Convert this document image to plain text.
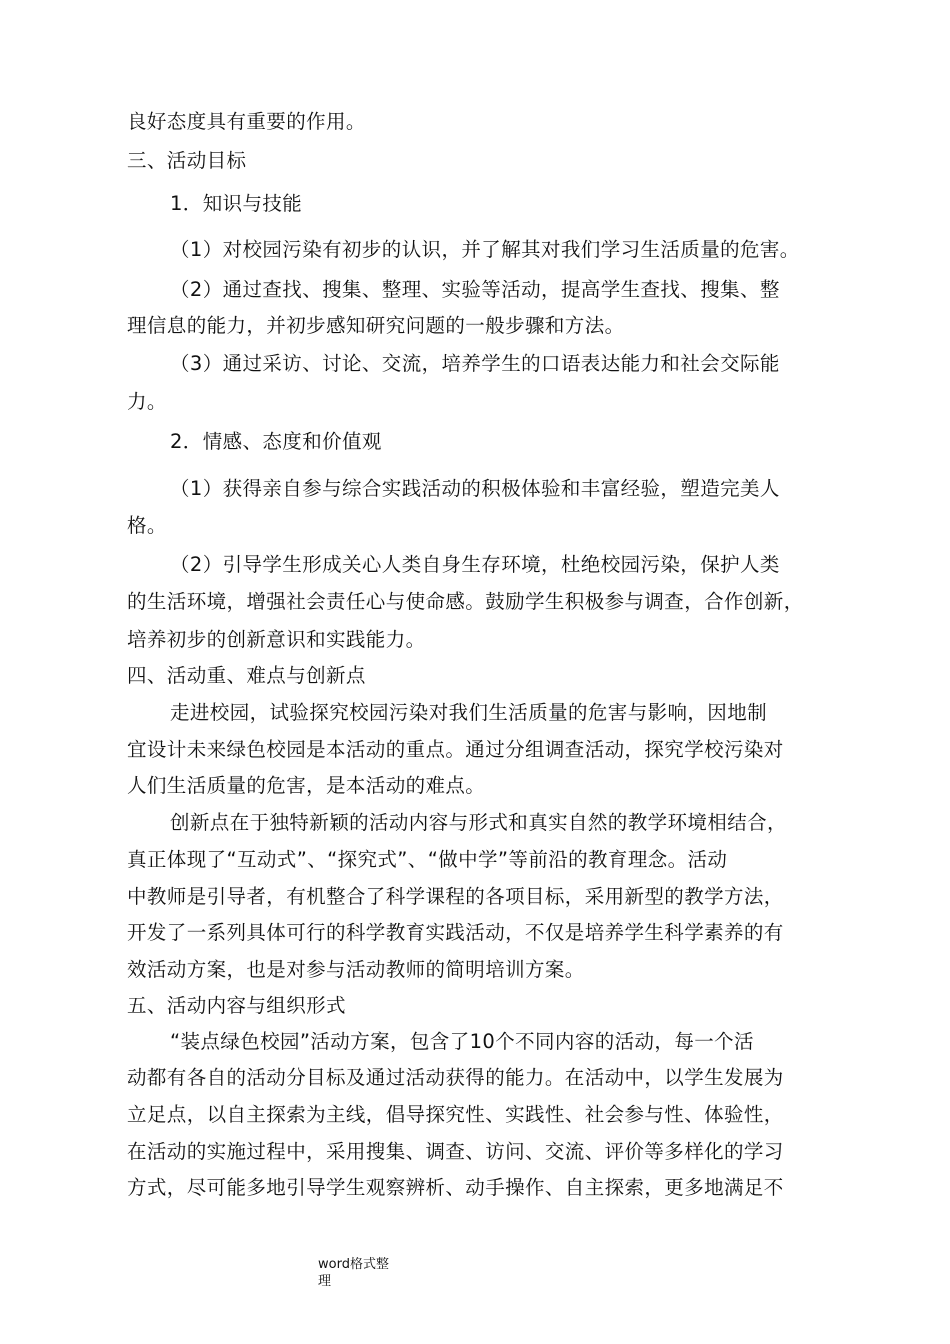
良好态度具有重要的作用。
三、活动目标
1．知识与技能
（1）对校园污染有初步的认识，并了解其对我们学习生活质量的危害。
（2）通过查找、搜集、整理、实验等活动，提高学生查找、搜集、整
理信息的能力，并初步感知研究问题的一般步骤和方法。
（3）通过采访、讨论、交流，培养学生的口语表达能力和社会交际能
力。
2．情感、态度和价值观
（1）获得亲自参与综合实践活动的积极体验和丰富经验，塑造完美人
格。
（2）引导学生形成关心人类自身生存环境，杜绝校园污染，保护人类
的生活环境，增强社会责任心与使命感。鼓励学生积极参与调查，合作创新，
培养初步的创新意识和实践能力。
四、活动重、难点与创新点
走进校园，试验探究校园污染对我们生活质量的危害与影响，因地制
宜设计未来绿色校园是本活动的重点。通过分组调查活动，探究学校污染对
人们生活质量的危害，是本活动的难点。
创新点在于独特新颖的活动内容与形式和真实自然的教学环境相结合，
真正体现了“互动式”、“探究式”、“做中学”等前沿的教育理念。活动
中教师是引导者，有机整合了科学课程的各项目标，采用新型的教学方法，
开发了一系列具体可行的科学教育实践活动，不仅是培养学生科学素养的有
效活动方案，也是对参与活动教师的简明培训方案。
五、活动内容与组织形式
“装点绿色校园”活动方案，包含了10个不同内容的活动，每一个活
动都有各自的活动分目标及通过活动获得的能力。在活动中，以学生发展为
立足点，以自主探索为主线，倡导探究性、实践性、社会参与性、体验性，
在活动的实施过程中，采用搜集、调查、访问、交流、评价等多样化的学习
方式，尽可能多地引导学生观察辨析、动手操作、自主探索，更多地满足不
word格式整
理
